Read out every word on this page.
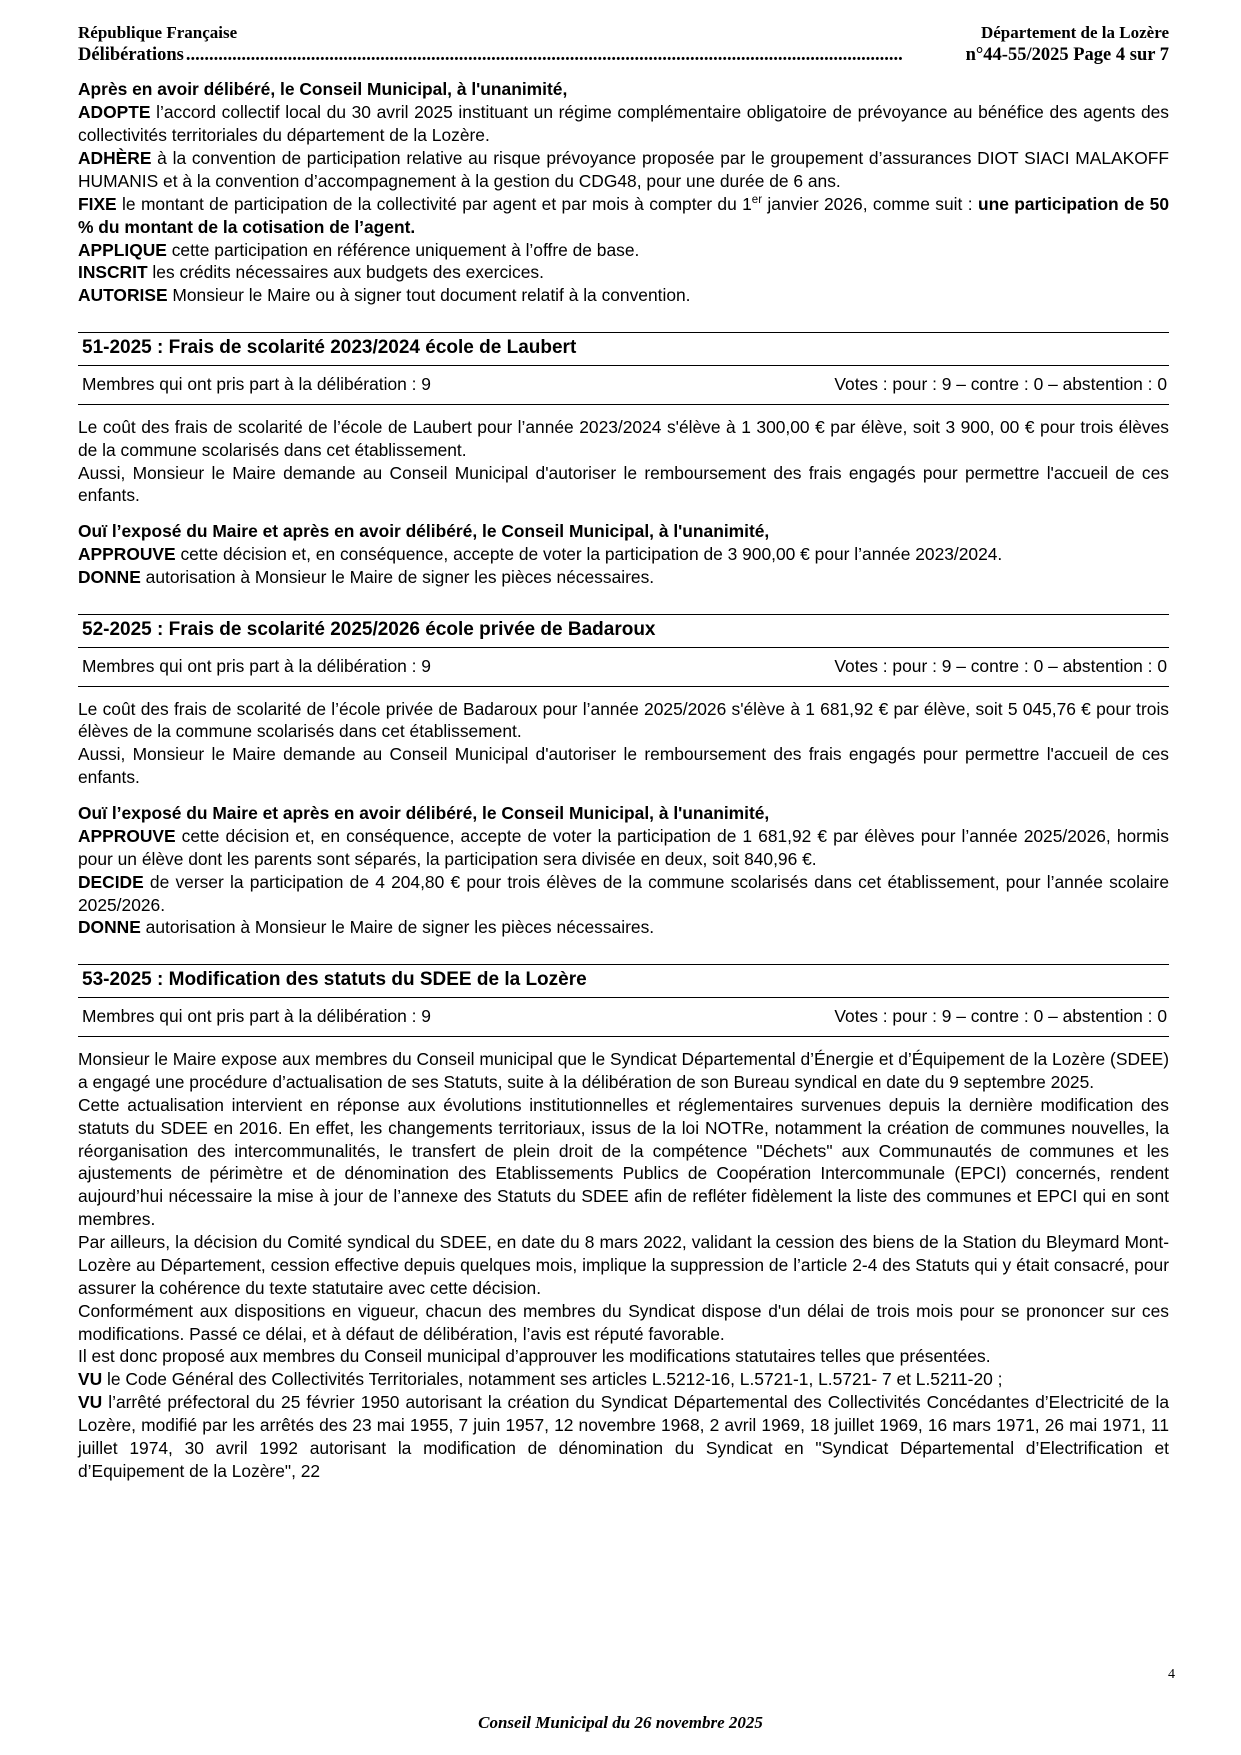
République Française	Département de la Lozère
Délibérations ...........................................................................................................................................................	n°44-55/2025 Page 4 sur 7

Après en avoir délibéré, le Conseil Municipal, à l'unanimité,

ADOPTE l’accord collectif local du 30 avril 2025 instituant un régime complémentaire obligatoire de prévoyance au bénéfice des agents des collectivités territoriales du département de la Lozère.

ADHÈRE à la convention de participation relative au risque prévoyance proposée par le groupement d’assurances DIOT SIACI MALAKOFF HUMANIS et à la convention d’accompagnement à la gestion du CDG48, pour une durée de 6 ans.

FIXE le montant de participation de la collectivité par agent et par mois à compter du 1er janvier 2026, comme suit : une participation de 50 % du montant de la cotisation de l’agent.

APPLIQUE cette participation en référence uniquement à l’offre de base.

INSCRIT les crédits nécessaires aux budgets des exercices.

AUTORISE Monsieur le Maire ou à signer tout document relatif à la convention.

51-2025 : Frais de scolarité 2023/2024 école de Laubert
Membres qui ont pris part à la délibération : 9	Votes : pour : 9 – contre : 0 – abstention : 0

Le coût des frais de scolarité de l’école de Laubert pour l’année 2023/2024 s'élève à 1 300,00 € par élève, soit 3 900, 00 € pour trois élèves de la commune scolarisés dans cet établissement.

Aussi, Monsieur le Maire demande au Conseil Municipal d'autoriser le remboursement des frais engagés pour permettre l'accueil de ces enfants.

Ouï l’exposé du Maire et après en avoir délibéré, le Conseil Municipal, à l'unanimité,

APPROUVE cette décision et, en conséquence, accepte de voter la participation de 3 900,00 € pour l’année 2023/2024.

DONNE autorisation à Monsieur le Maire de signer les pièces nécessaires.

52-2025 : Frais de scolarité 2025/2026 école privée de Badaroux
Membres qui ont pris part à la délibération : 9	Votes : pour : 9 – contre : 0 – abstention : 0

Le coût des frais de scolarité de l’école privée de Badaroux pour l’année 2025/2026 s'élève à 1 681,92 € par élève, soit 5 045,76 € pour trois élèves de la commune scolarisés dans cet établissement.

Aussi, Monsieur le Maire demande au Conseil Municipal d'autoriser le remboursement des frais engagés pour permettre l'accueil de ces enfants.

Ouï l’exposé du Maire et après en avoir délibéré, le Conseil Municipal, à l'unanimité,

APPROUVE cette décision et, en conséquence, accepte de voter la participation de 1 681,92 € par élèves pour l’année 2025/2026, hormis pour un élève dont les parents sont séparés, la participation sera divisée en deux, soit 840,96 €.

DECIDE de verser la participation de 4 204,80 € pour trois élèves de la commune scolarisés dans cet établissement, pour l’année scolaire 2025/2026.

DONNE autorisation à Monsieur le Maire de signer les pièces nécessaires.

53-2025 : Modification des statuts du SDEE de la Lozère
Membres qui ont pris part à la délibération : 9	Votes : pour : 9 – contre : 0 – abstention : 0

Monsieur le Maire expose aux membres du Conseil municipal que le Syndicat Départemental d’Énergie et d’Équipement de la Lozère (SDEE) a engagé une procédure d’actualisation de ses Statuts, suite à la délibération de son Bureau syndical en date du 9 septembre 2025.

Cette actualisation intervient en réponse aux évolutions institutionnelles et réglementaires survenues depuis la dernière modification des statuts du SDEE en 2016. En effet, les changements territoriaux, issus de la loi NOTRe, notamment la création de communes nouvelles, la réorganisation des intercommunalités, le transfert de plein droit de la compétence "Déchets" aux Communautés de communes et les ajustements de périmètre et de dénomination des Etablissements Publics de Coopération Intercommunale (EPCI) concernés, rendent aujourd’hui nécessaire la mise à jour de l’annexe des Statuts du SDEE afin de refléter fidèlement la liste des communes et EPCI qui en sont membres.

Par ailleurs, la décision du Comité syndical du SDEE, en date du 8 mars 2022, validant la cession des biens de la Station du Bleymard Mont-Lozère au Département, cession effective depuis quelques mois, implique la suppression de l’article 2-4 des Statuts qui y était consacré, pour assurer la cohérence du texte statutaire avec cette décision.

Conformément aux dispositions en vigueur, chacun des membres du Syndicat dispose d'un délai de trois mois pour se prononcer sur ces modifications. Passé ce délai, et à défaut de délibération, l’avis est réputé favorable.

Il est donc proposé aux membres du Conseil municipal d’approuver les modifications statutaires telles que présentées.

VU le Code Général des Collectivités Territoriales, notamment ses articles L.5212-16, L.5721-1, L.5721- 7 et L.5211-20 ;

VU l’arrêté préfectoral du 25 février 1950 autorisant la création du Syndicat Départemental des Collectivités Concédantes d’Electricité de la Lozère, modifié par les arrêtés des 23 mai 1955, 7 juin 1957, 12 novembre 1968, 2 avril 1969, 18 juillet 1969, 16 mars 1971, 26 mai 1971, 11 juillet 1974, 30 avril 1992 autorisant la modification de dénomination du Syndicat en "Syndicat Départemental d’Electrification et d’Equipement de la Lozère", 22

4
Conseil Municipal du 26 novembre 2025
